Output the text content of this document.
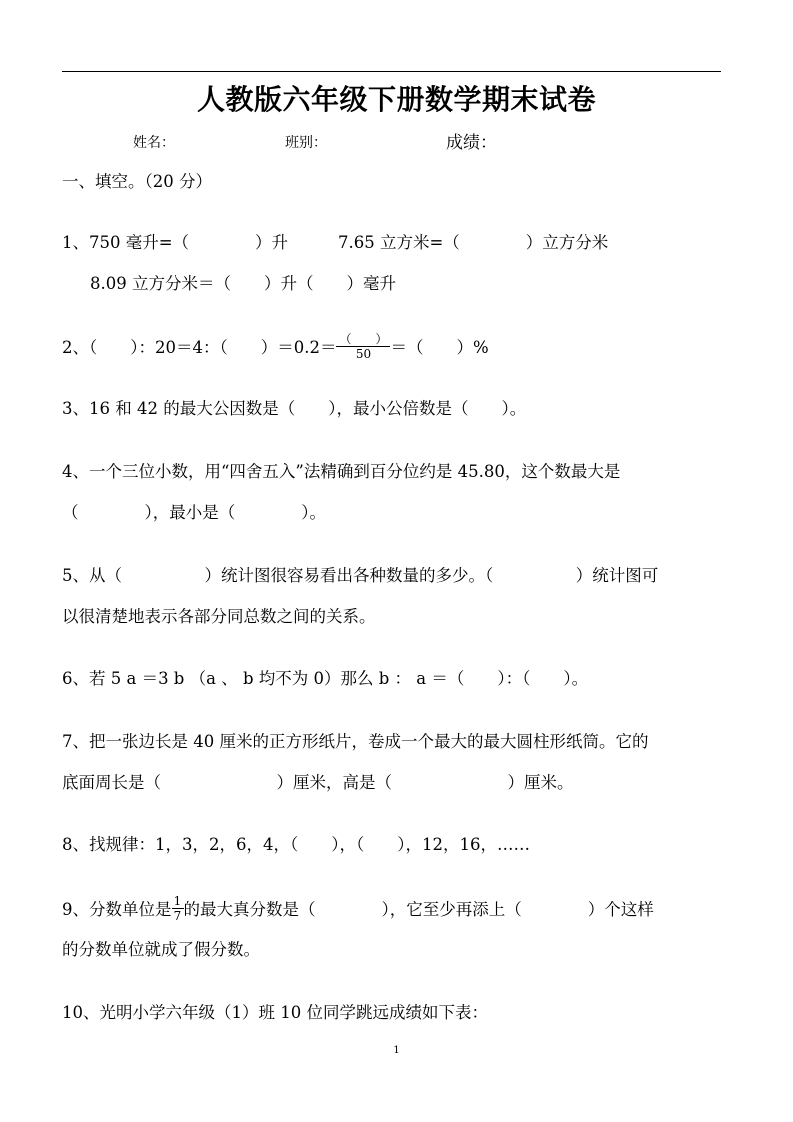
人教版六年级下册数学期末试卷
姓名：	班别：	成绩：
一、填空。（20 分）
1、750 毫升=（　　　　）升	7.65 立方米=（　　　　）立方分米
8.09 立方分米＝（　　）升（　　）毫升
2、（　　）：20＝4：（　　）$=0.2= \frac{( )}{50}$ ＝（　　）%
3、16 和 42 的最大公因数是（　　），最小公倍数是（　　）。
4、一个三位小数，用“四舍五入”法精确到百分位约是 45.80，这个数最大是
（　　　　），最小是（　　　　）。
5、从（　　　　　）统计图很容易看出各种数量的多少。（　　　　　）统计图可
以很清楚地表示各部分同总数之间的关系。
6、若 5 a ＝3 b （a 、 b 均不为 0）那么 b ： a ＝（　　）：（　　）。
7、把一张边长是 40 厘米的正方形纸片，卷成一个最大的最大圆柱形纸筒。它的
底面周长是（　　　　　　　）厘米，高是（　　　　　　　）厘米。
8、找规律：1，3，2，6，4，（　　），（　　），12，16，……
9、分数单位是 $\frac{1}{7}$ 的最大真分数是（　　　　），它至少再添上（　　　　）个这样
的分数单位就成了假分数。
10、光明小学六年级（1）班 10 位同学跳远成绩如下表：
1
